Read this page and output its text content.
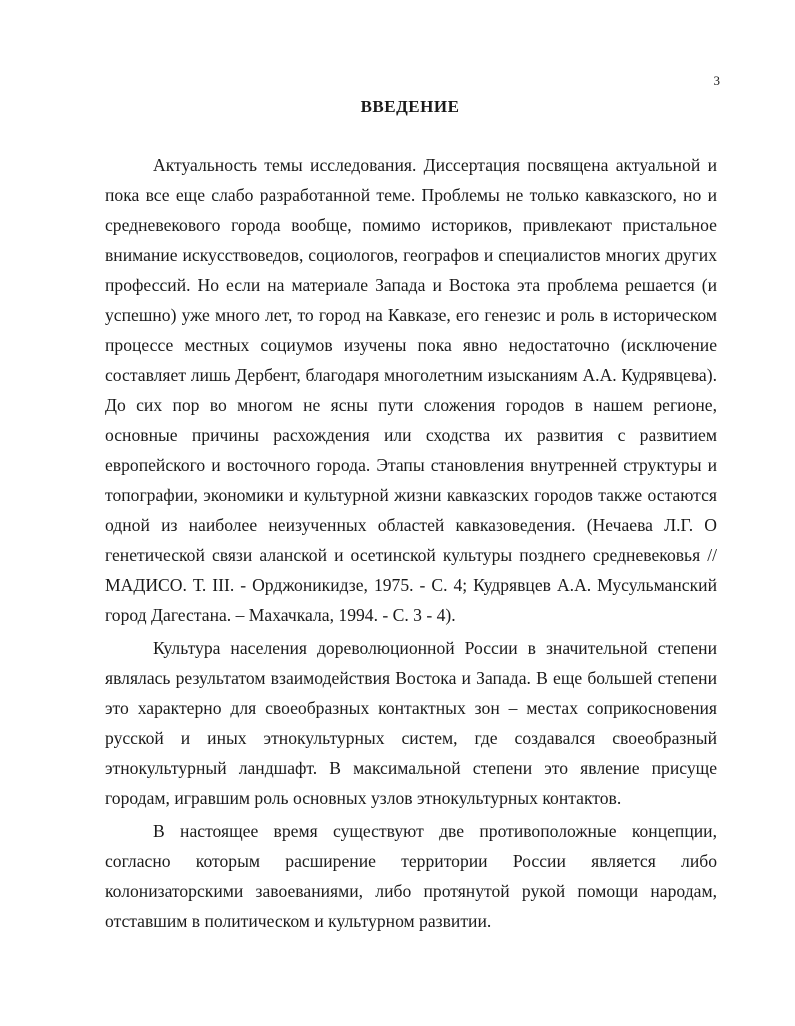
3
ВВЕДЕНИЕ

Актуальность темы исследования. Диссертация посвящена актуальной и пока все еще слабо разработанной теме. Проблемы не только кавказского, но и средневекового города вообще, помимо историков, привлекают пристальное внимание искусствоведов, социологов, географов и специалистов многих других профессий. Но если на материале Запада и Востока эта проблема решается (и успешно) уже много лет, то город на Кавказе, его генезис и роль в историческом процессе местных социумов изучены пока явно недостаточно (исключение составляет лишь Дербент, благодаря многолетним изысканиям А.А. Кудрявцева). До сих пор во многом не ясны пути сложения городов в нашем регионе, основные причины расхождения или сходства их развития с развитием европейского и восточного города. Этапы становления внутренней структуры и топографии, экономики и культурной жизни кавказских городов также остаются одной из наиболее неизученных областей кавказоведения. (Нечаева Л.Г. О генетической связи аланской и осетинской культуры позднего средневековья // МАДИСО. Т. III. - Орджоникидзе, 1975. - С. 4; Кудрявцев А.А. Мусульманский город Дагестана. – Махачкала, 1994. - С. 3 - 4).

Культура населения дореволюционной России в значительной степени являлась результатом взаимодействия Востока и Запада. В еще большей степени это характерно для своеобразных контактных зон – местах соприкосновения русской и иных этнокультурных систем, где создавался своеобразный этнокультурный ландшафт. В максимальной степени это явление присуще городам, игравшим роль основных узлов этнокультурных контактов.

В настоящее время существуют две противоположные концепции, согласно которым расширение территории России является либо колонизаторскими завоеваниями, либо протянутой рукой помощи народам, отставшим в политическом и культурном развитии.
